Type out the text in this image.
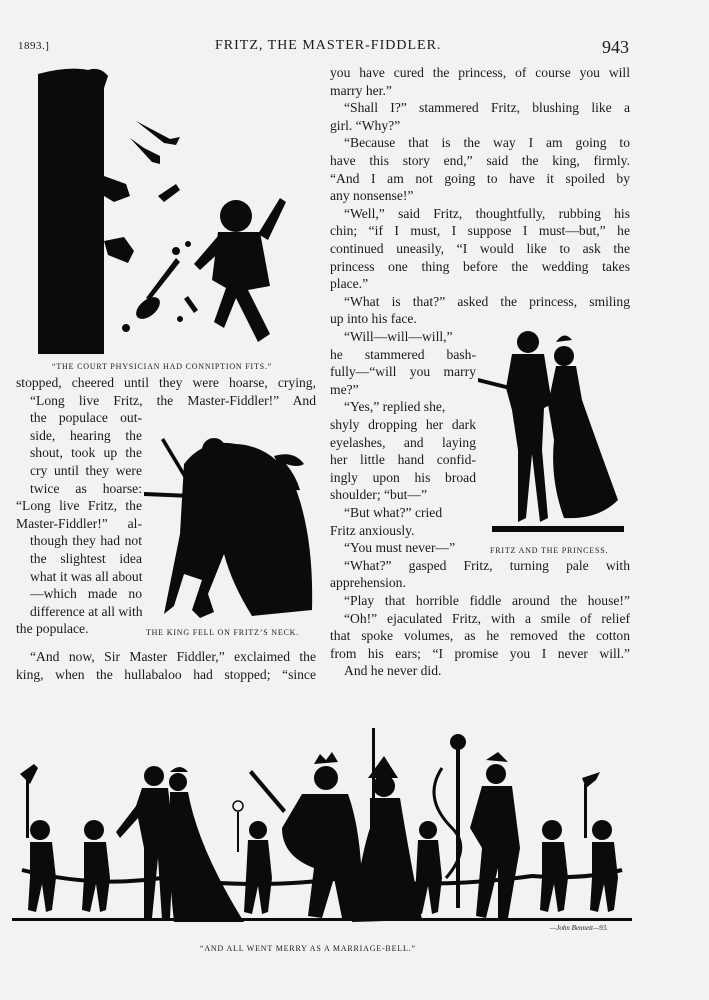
1893.]	FRITZ, THE MASTER-FIDDLER.	943
“THE COURT PHYSICIAN HAD CONNIPTION FITS.”
stopped, cheered until they were hoarse, crying,
“Long live Fritz, the Master-Fiddler!” And
the populace out-
side, hearing the
shout, took up the
cry until they were
twice as hoarse:
“Long live Fritz, the
Master-Fiddler!” al-
though they had not
the slightest idea
what it was all about
—which made no
difference at all with
the populace.	THE KING FELL ON FRITZ’S NECK.
“And now, Sir Master Fiddler,” exclaimed the
king, when the hullabaloo had stopped; “since
you have cured the princess, of course you will
marry her.”
“Shall I?” stammered Fritz, blushing like a
girl. “Why?”
“Because that is the way I am going to
have this story end,” said the king, firmly.
“And I am not going to have it spoiled by
any nonsense!”
“Well,” said Fritz, thoughtfully, rubbing his
chin; “if I must, I suppose I must—but,” he
continued uneasily, “I would like to ask the
princess one thing before the wedding takes
place.”
“What is that?” asked the princess, smiling
up into his face.
“Will—will—will,”
he stammered bash-
fully—“will you marry
me?”
“Yes,” replied she,
shyly dropping her dark
eyelashes, and laying
her little hand confid-
ingly upon his broad
shoulder; “but—”
“But what?” cried
Fritz anxiously.
“You must never—”	FRITZ AND THE PRINCESS.
“What?” gasped Fritz, turning pale with
apprehension.
“Play that horrible fiddle around the house!”
“Oh!” ejaculated Fritz, with a smile of relief
that spoke volumes, as he removed the cotton
from his ears; “I promise you I never will.”
And he never did.
—John Bennett—93.
“AND ALL WENT MERRY AS A MARRIAGE-BELL.”
